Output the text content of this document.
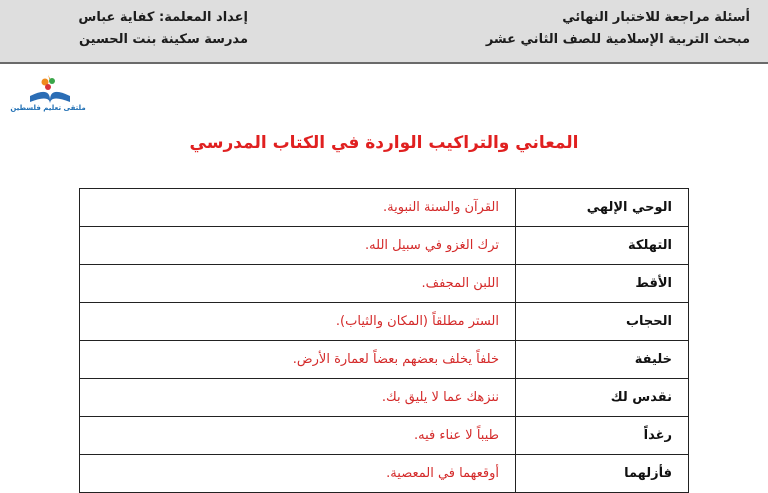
أسئلة مراجعة للاختبار النهائي
مبحث التربية الإسلامية للصف الثاني عشر
إعداد المعلمة: كفاية عباس
مدرسة سكينة بنت الحسين
ملتقى تعليم فلسطين
المعاني والتراكيب الواردة في الكتاب المدرسي
الوحي الإلهي	القرآن والسنة النبوية.
التهلكة	ترك الغزو في سبيل الله.
الأقط	اللبن المجفف.
الحجاب	الستر مطلقاً (المكان والثياب).
خليفة	خلفاً يخلف بعضهم بعضاً لعمارة الأرض.
نقدس لك	ننزهك عما لا يليق بك.
رغداً	طيباً لا عناء فيه.
فأزلهما	أوقعهما في المعصية.
